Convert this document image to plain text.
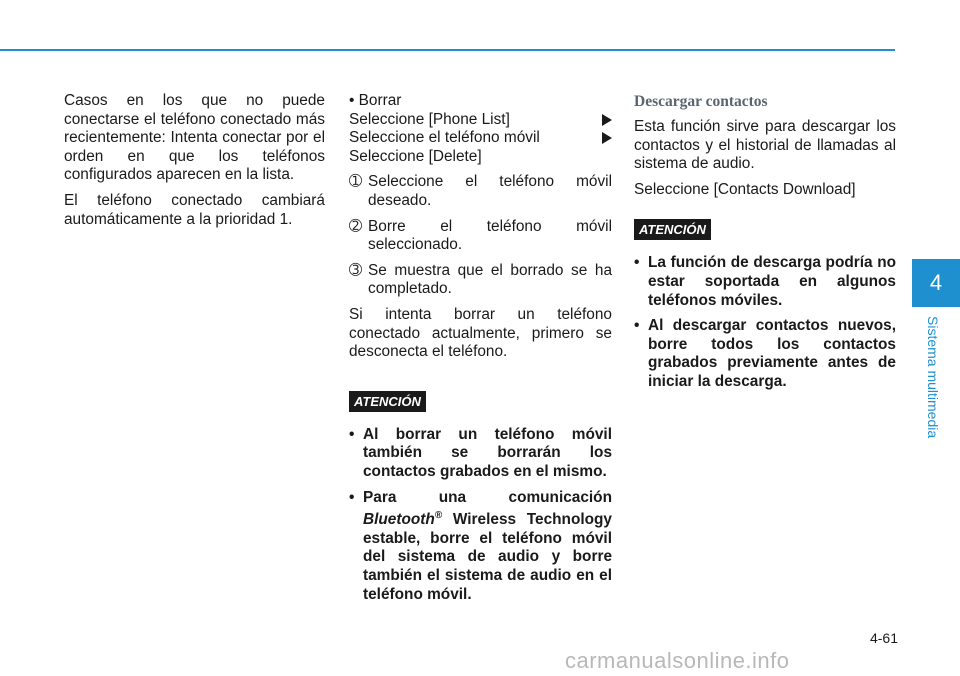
Casos en los que no puede conectarse el teléfono conectado más recientemente: Intenta conectar por el orden en que los teléfonos configurados aparecen en la lista.

El teléfono conectado cambiará automáticamente a la prioridad 1.

• Borrar
Seleccione [Phone List]
Seleccione el teléfono móvil
Seleccione [Delete]
➀ Seleccione el teléfono móvil deseado.
➁ Borre el teléfono móvil seleccionado.
➂ Se muestra que el borrado se ha completado.

Si intenta borrar un teléfono conectado actualmente, primero se desconecta el teléfono.

ATENCIÓN
• Al borrar un teléfono móvil también se borrarán los contactos grabados en el mismo.
• Para una comunicación Bluetooth® Wireless Technology estable, borre el teléfono móvil del sistema de audio y borre también el sistema de audio en el teléfono móvil.
Descargar contactos

Esta función sirve para descargar los contactos y el historial de llamadas al sistema de audio.

Seleccione [Contacts Download]

ATENCIÓN
• La función de descarga podría no estar soportada en algunos teléfonos móviles.
• Al descargar contactos nuevos, borre todos los contactos grabados previamente antes de iniciar la descarga.
4
Sistema multimedia
4-61
carmanualsonline.info
